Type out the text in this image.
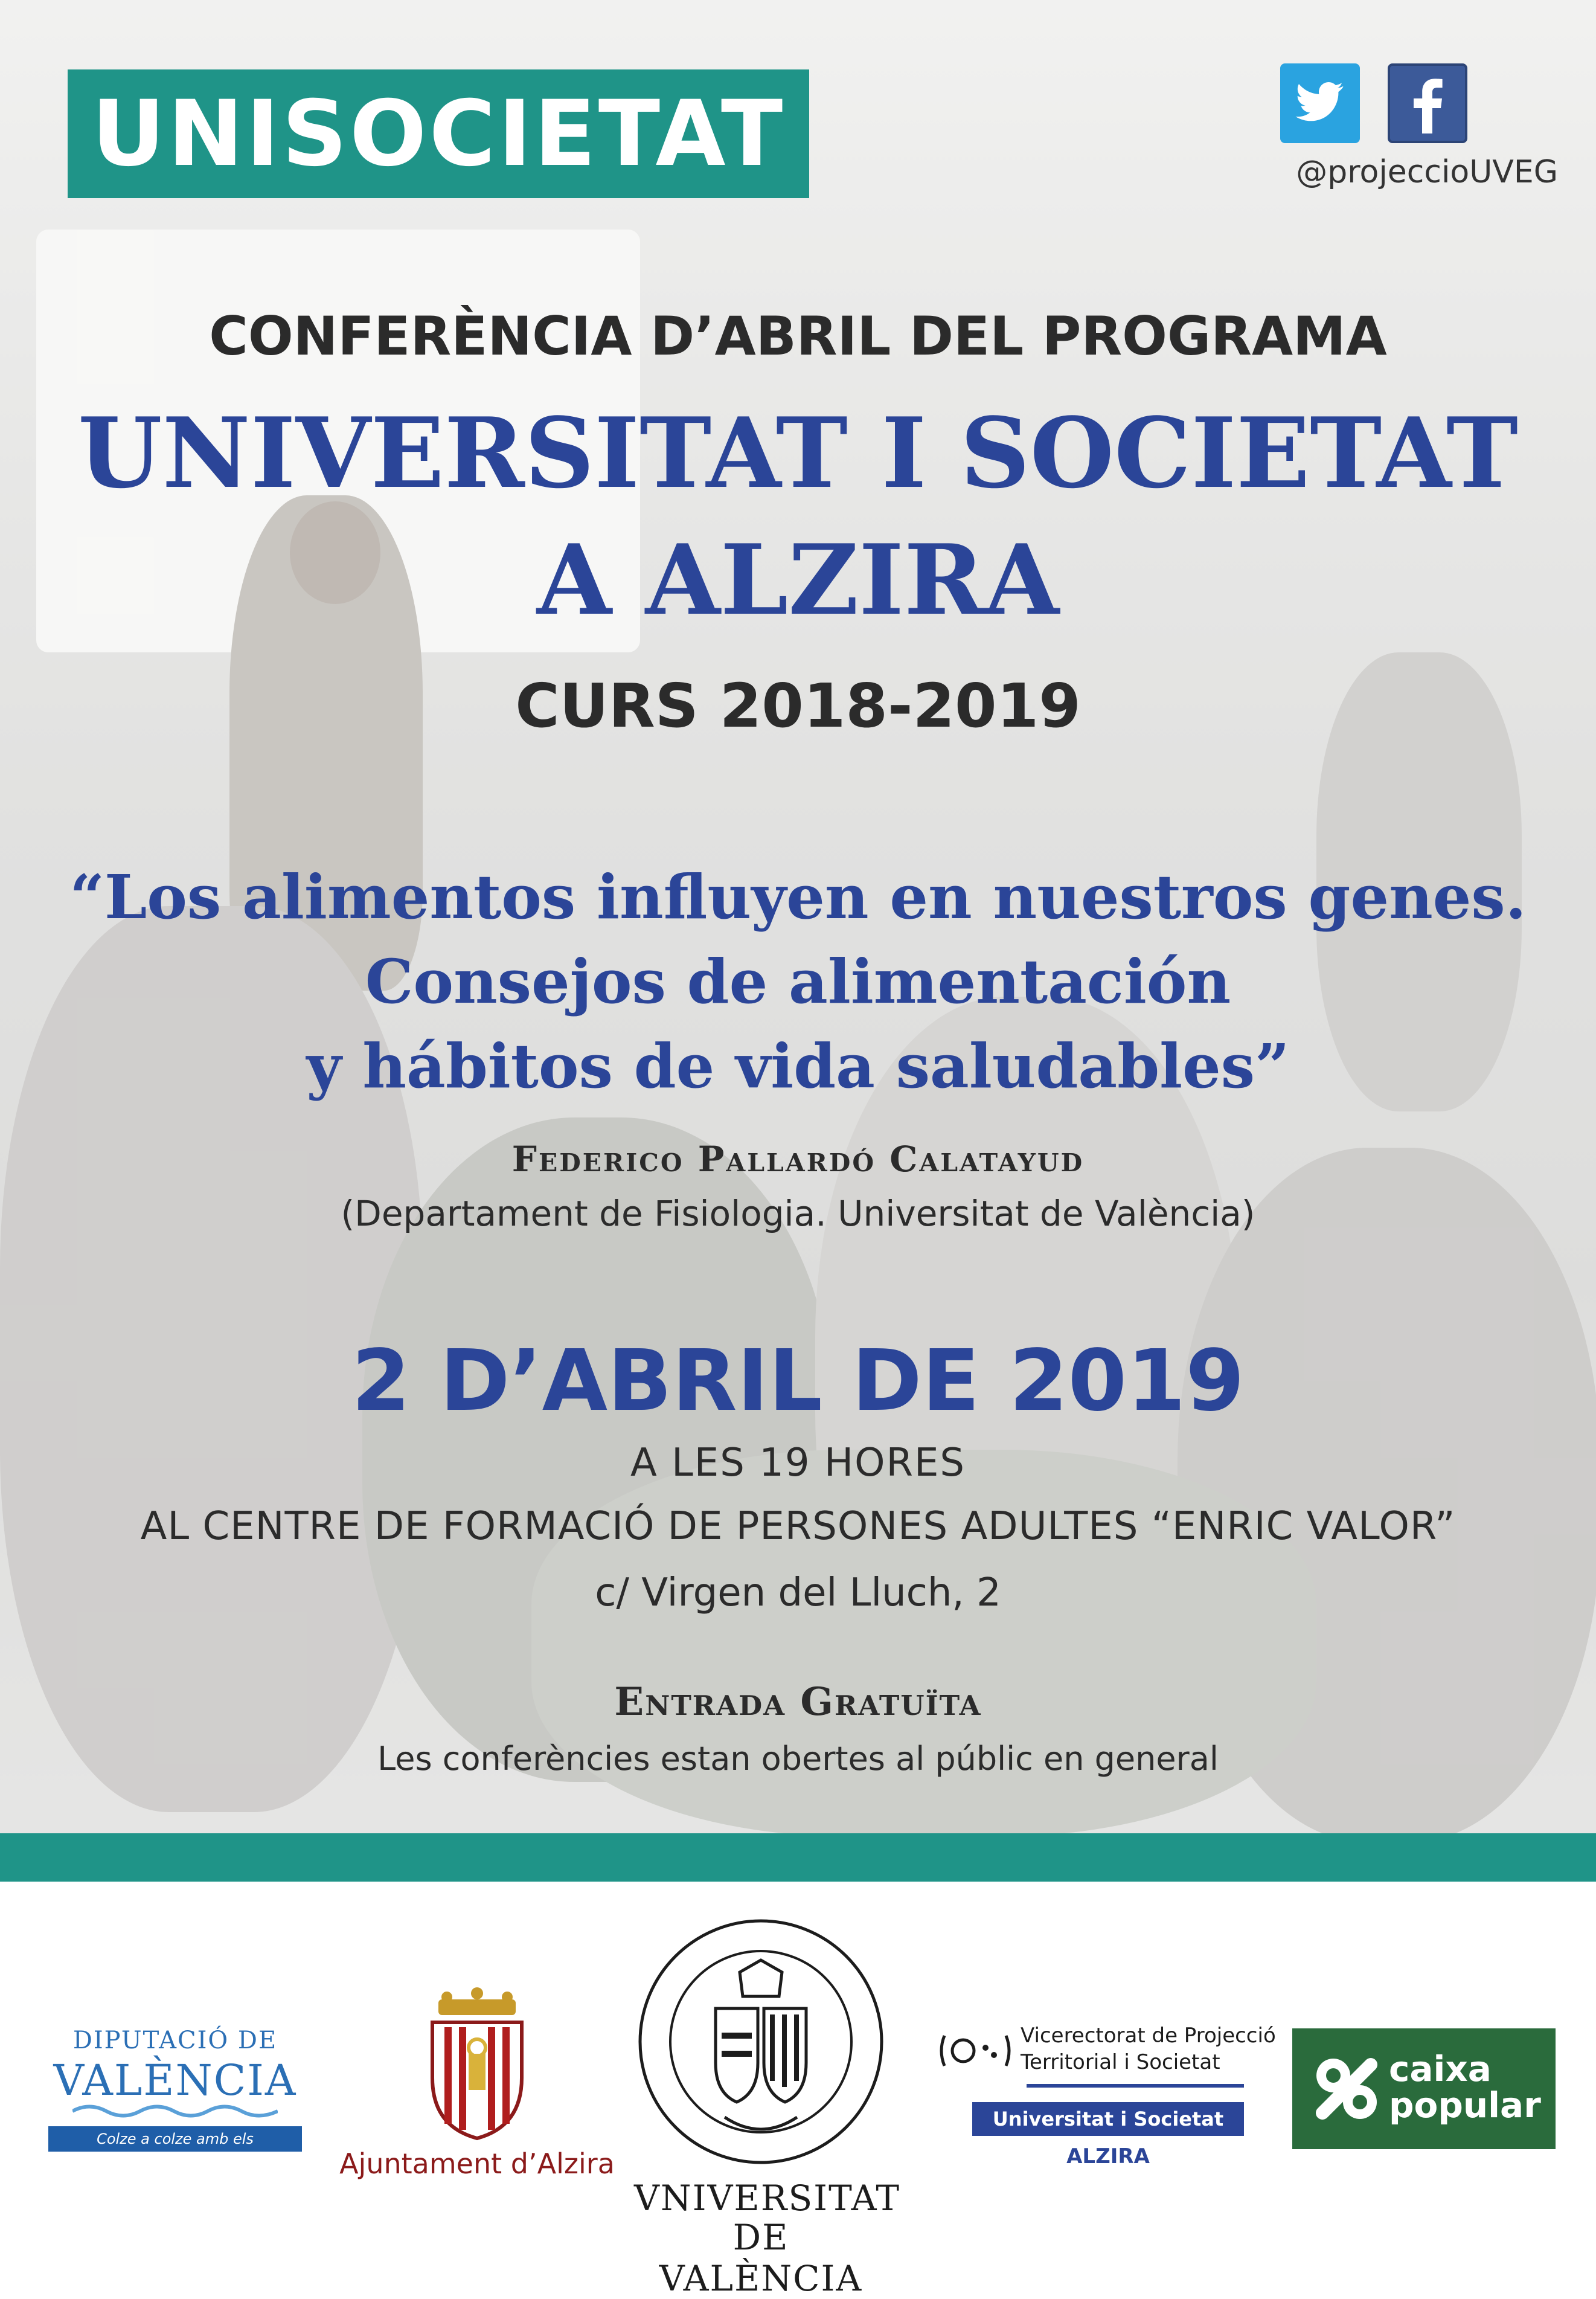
UNISOCIETAT	@projeccioUVEG
CONFERÈNCIA D’ABRIL DEL PROGRAMA
UNIVERSITAT I SOCIETAT
A ALZIRA
CURS 2018-2019
“Los alimentos influyen en nuestros genes.
Consejos de alimentación
y hábitos de vida saludables”
Federico Pallardó Calatayud
(Departament de Fisiologia. Universitat de València)
2 D’ABRIL DE 2019
A LES 19 HORES
AL CENTRE DE FORMACIÓ DE PERSONES ADULTES “ENRIC VALOR”
c/ Virgen del Lluch, 2
Entrada Gratuïta
Les conferències estan obertes al públic en general
DIPUTACIÓ DE
VALÈNCIA
Colze a colze amb els Ajuntaments	Ajuntament d’Alzira
VNIVERSITAT
DE VALÈNCIA
Vicerectorat de Projecció
Territorial i Societat
Universitat i Societat
ALZIRA
caixa
popular
